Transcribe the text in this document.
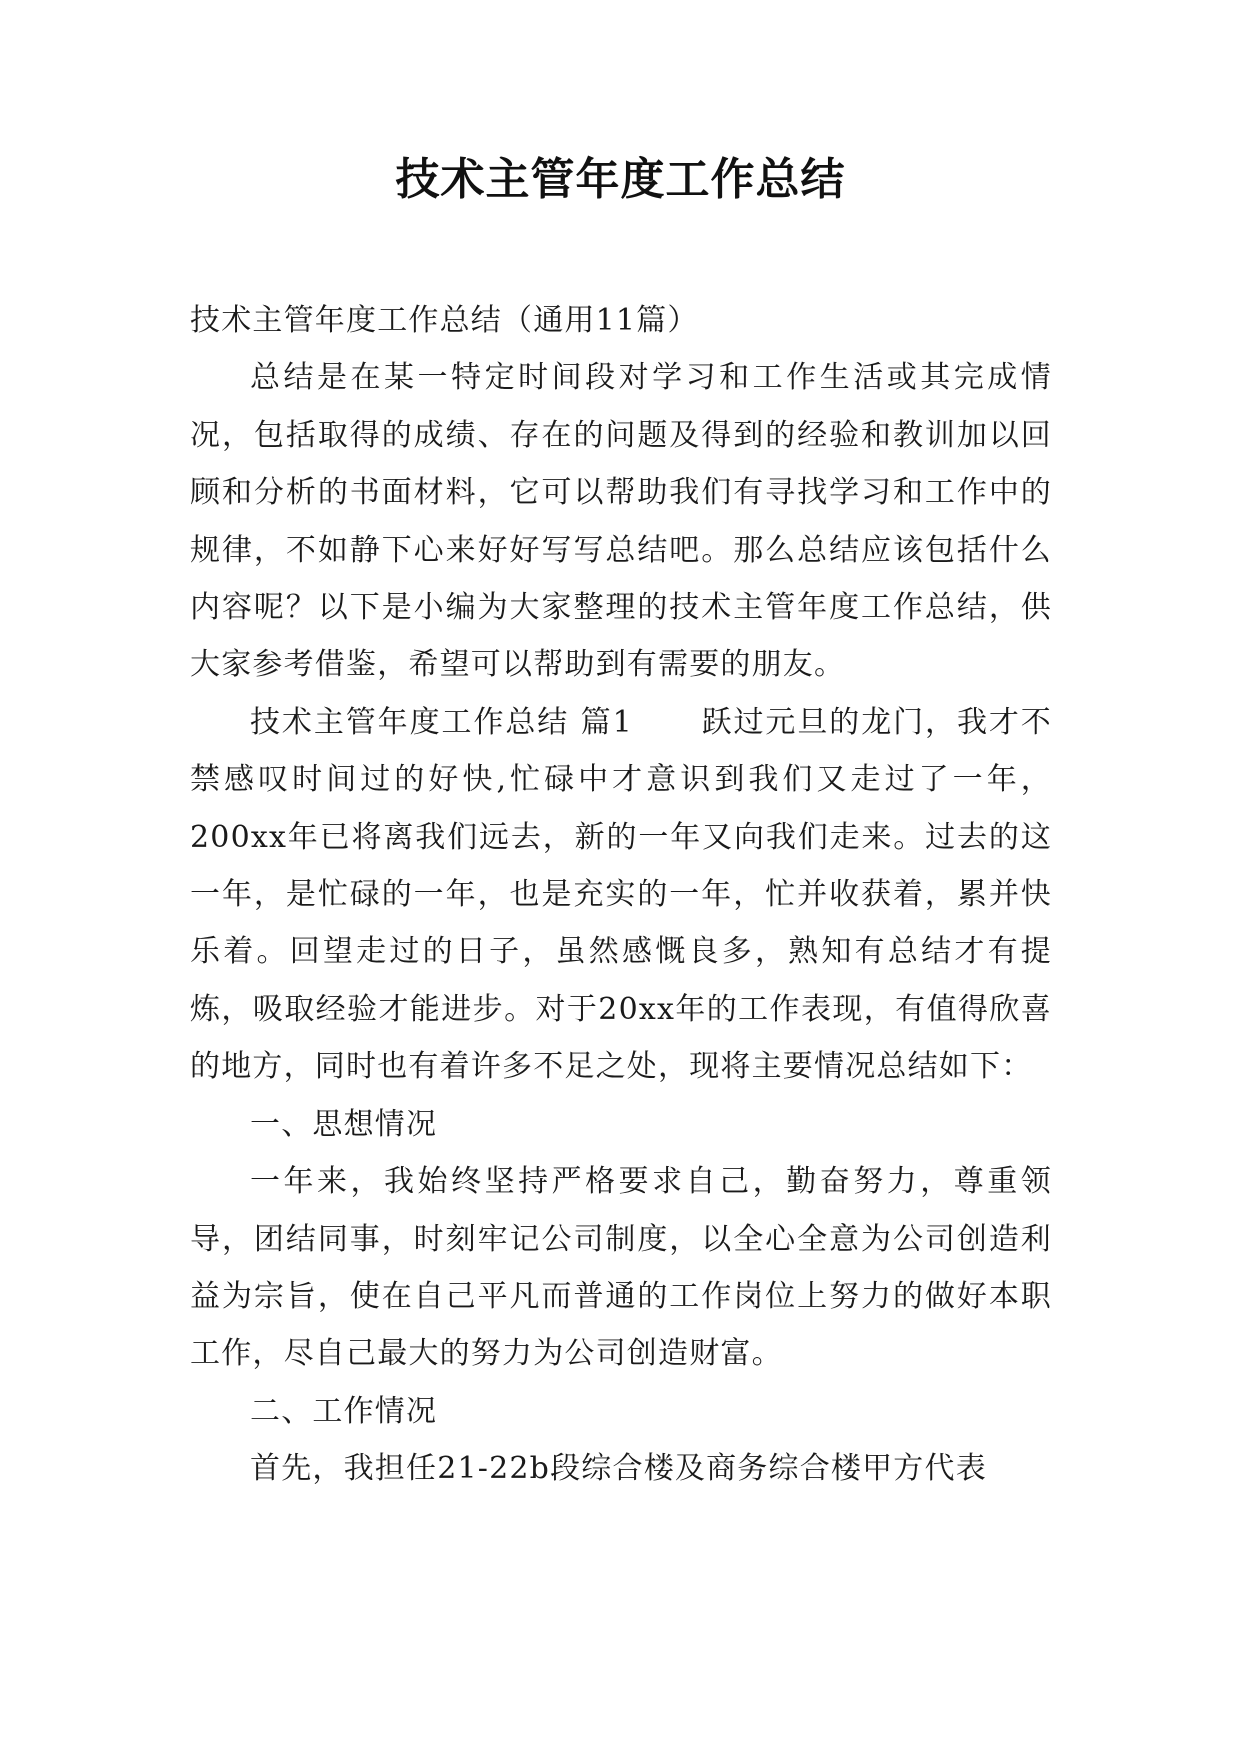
技术主管年度工作总结

技术主管年度工作总结（通用11篇）

总结是在某一特定时间段对学习和工作生活或其完成情况，包括取得的成绩、存在的问题及得到的经验和教训加以回顾和分析的书面材料，它可以帮助我们有寻找学习和工作中的规律，不如静下心来好好写写总结吧。那么总结应该包括什么内容呢？以下是小编为大家整理的技术主管年度工作总结，供大家参考借鉴，希望可以帮助到有需要的朋友。

技术主管年度工作总结 篇1 跃过元旦的龙门，我才不禁感叹时间过的好快,忙碌中才意识到我们又走过了一年，200xx年已将离我们远去，新的一年又向我们走来。过去的这一年，是忙碌的一年，也是充实的一年，忙并收获着，累并快乐着。回望走过的日子，虽然感慨良多，熟知有总结才有提炼，吸取经验才能进步。对于20xx年的工作表现，有值得欣喜的地方，同时也有着许多不足之处，现将主要情况总结如下：

一、思想情况

一年来，我始终坚持严格要求自己，勤奋努力，尊重领导，团结同事，时刻牢记公司制度，以全心全意为公司创造利益为宗旨，使在自己平凡而普通的工作岗位上努力的做好本职工作，尽自己最大的努力为公司创造财富。

二、工作情况

首先，我担任21-22b段综合楼及商务综合楼甲方代表
